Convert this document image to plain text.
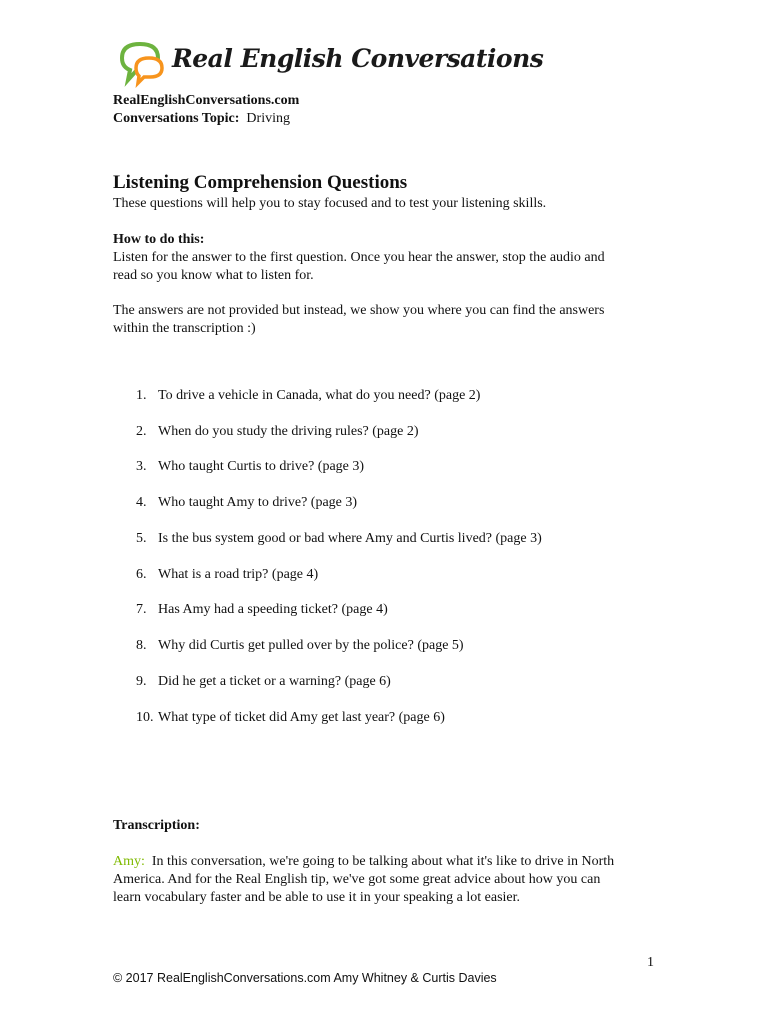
Real English Conversations
RealEnglishConversations.com
Conversations Topic: Driving
Listening Comprehension Questions
These questions will help you to stay focused and to test your listening skills.
How to do this:
Listen for the answer to the first question. Once you hear the answer, stop the audio and
read so you know what to listen for.
The answers are not provided but instead, we show you where you can find the answers
within the transcription :)
1. To drive a vehicle in Canada, what do you need? (page 2)
2. When do you study the driving rules? (page 2)
3. Who taught Curtis to drive? (page 3)
4. Who taught Amy to drive? (page 3)
5. Is the bus system good or bad where Amy and Curtis lived? (page 3)
6. What is a road trip? (page 4)
7. Has Amy had a speeding ticket? (page 4)
8. Why did Curtis get pulled over by the police? (page 5)
9. Did he get a ticket or a warning? (page 6)
10. What type of ticket did Amy get last year? (page 6)
Transcription:
Amy: In this conversation, we're going to be talking about what it's like to drive in North
America. And for the Real English tip, we've got some great advice about how you can
learn vocabulary faster and be able to use it in your speaking a lot easier.
1
© 2017 RealEnglishConversations.com Amy Whitney & Curtis Davies
